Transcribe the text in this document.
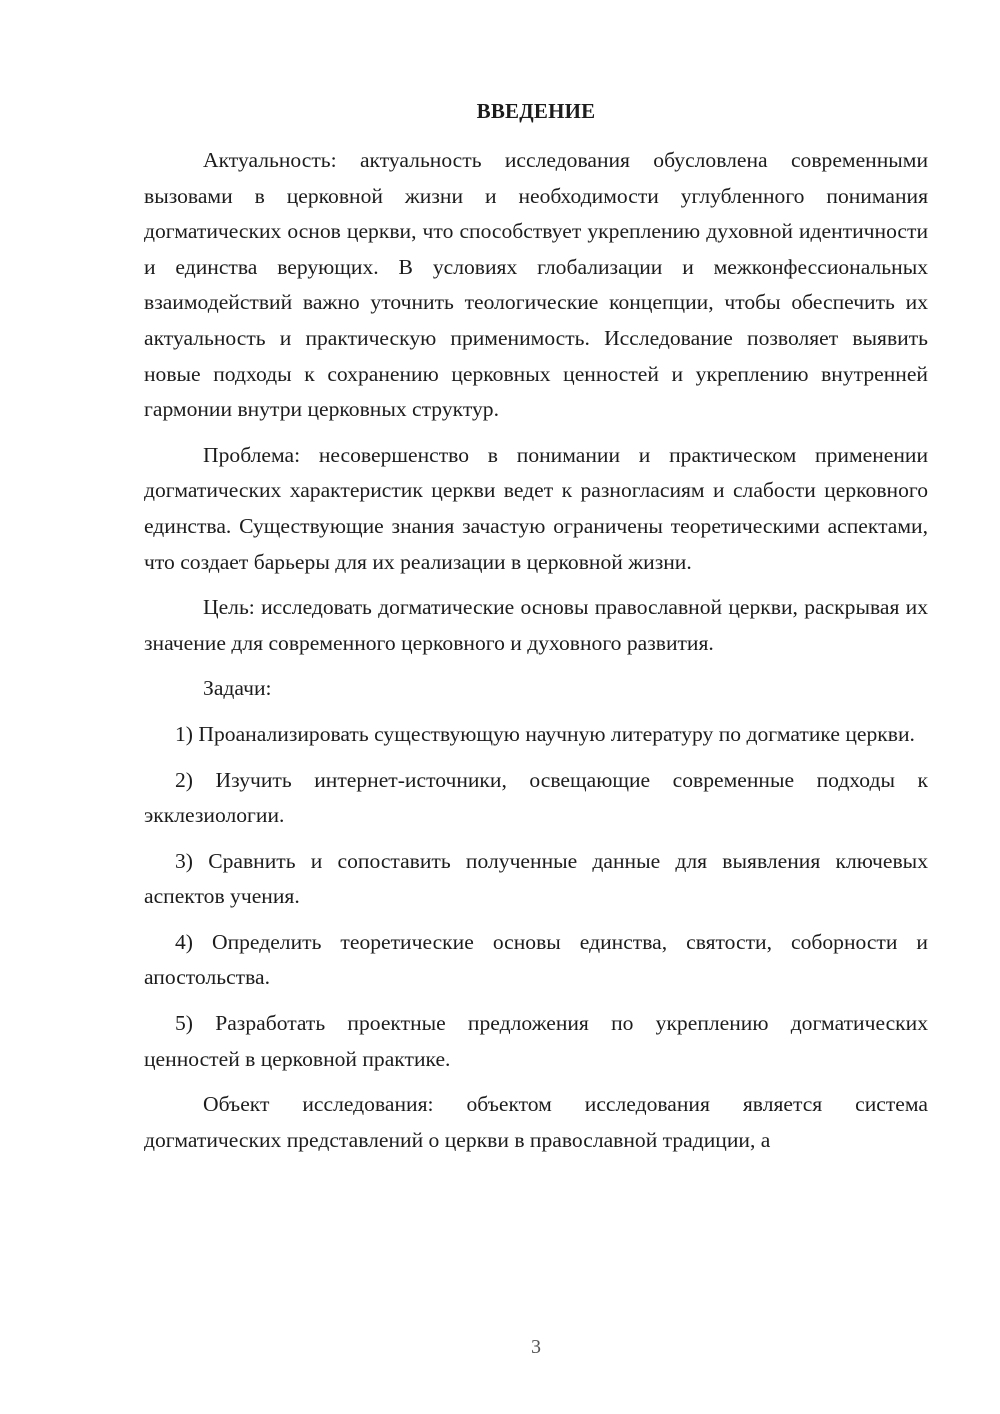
ВВЕДЕНИЕ

Актуальность: актуальность исследования обусловлена современными вызовами в церковной жизни и необходимости углубленного понимания догматических основ церкви, что способствует укреплению духовной идентичности и единства верующих. В условиях глобализации и межконфессиональных взаимодействий важно уточнить теологические концепции, чтобы обеспечить их актуальность и практическую применимость. Исследование позволяет выявить новые подходы к сохранению церковных ценностей и укреплению внутренней гармонии внутри церковных структур.

Проблема: несовершенство в понимании и практическом применении догматических характеристик церкви ведет к разногласиям и слабости церковного единства. Существующие знания зачастую ограничены теоретическими аспектами, что создает барьеры для их реализации в церковной жизни.

Цель: исследовать догматические основы православной церкви, раскрывая их значение для современного церковного и духовного развития.

Задачи:

1) Проанализировать существующую научную литературу по догматике церкви.

2) Изучить интернет-источники, освещающие современные подходы к экклезиологии.

3) Сравнить и сопоставить полученные данные для выявления ключевых аспектов учения.

4) Определить теоретические основы единства, святости, соборности и апостольства.

5) Разработать проектные предложения по укреплению догматических ценностей в церковной практике.

Объект исследования: объектом исследования является система догматических представлений о церкви в православной традиции, а

3
